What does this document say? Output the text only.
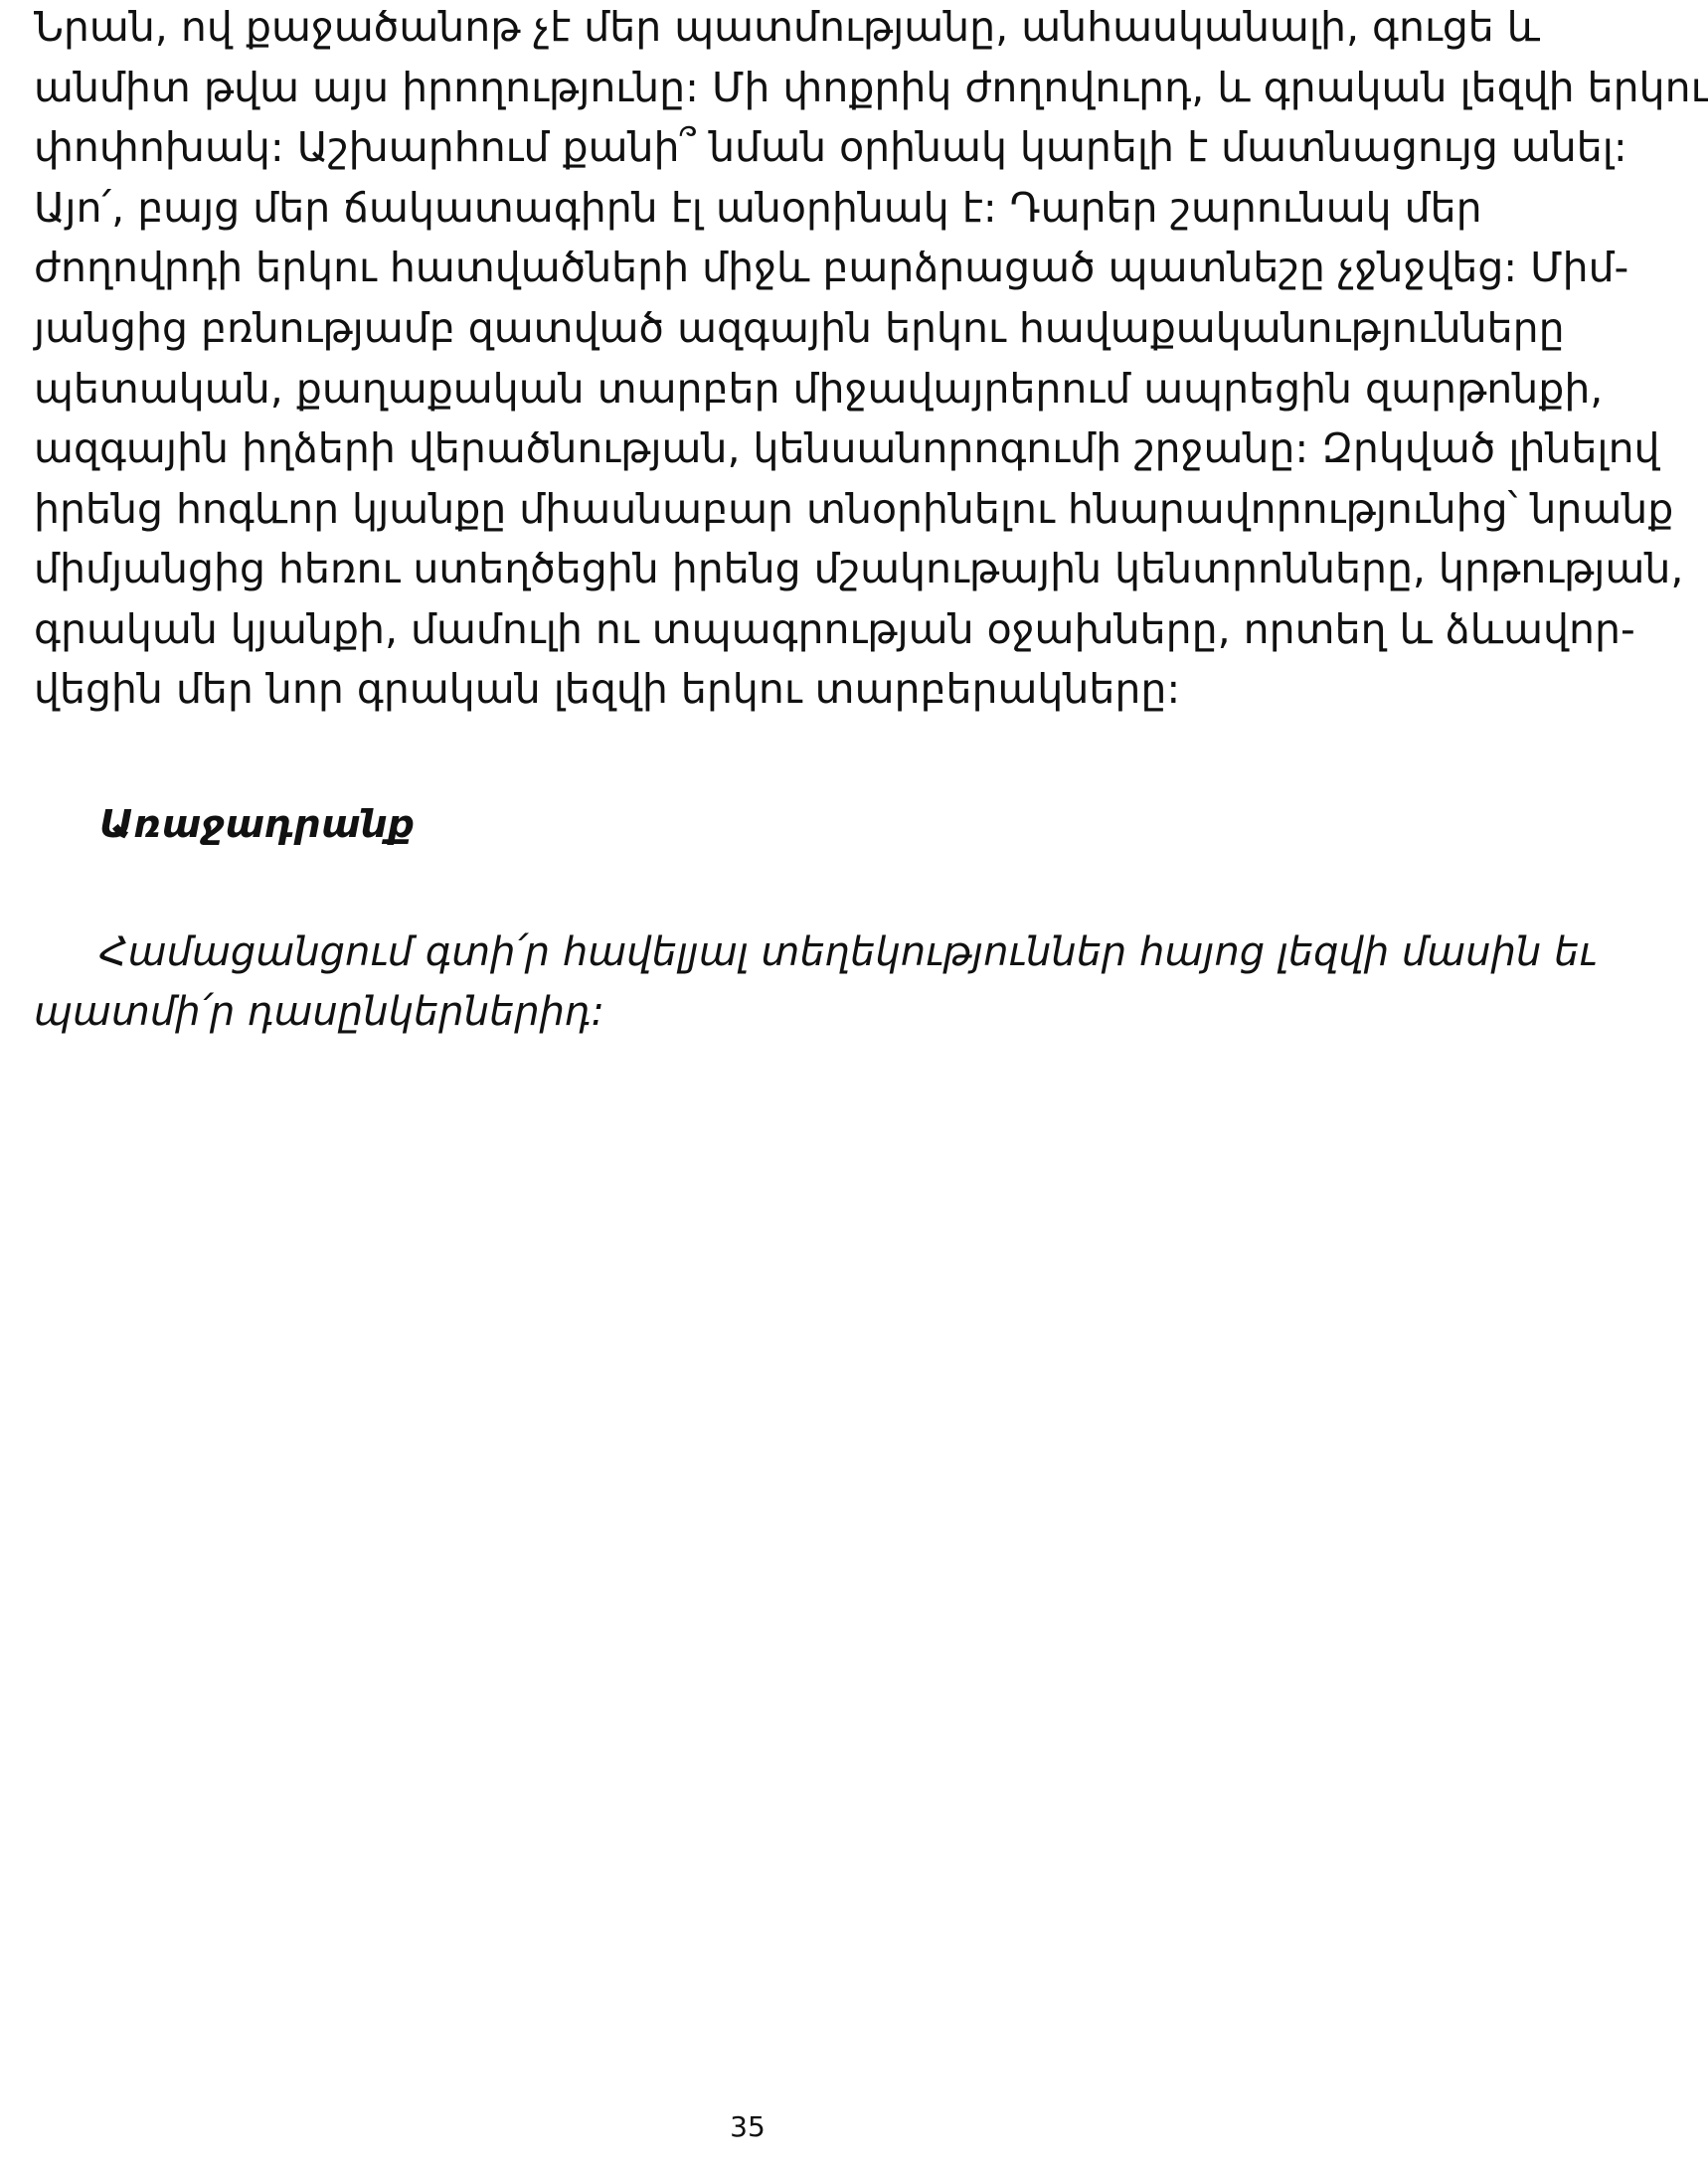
Նրան, ով քաջածանոթ չէ մեր պատմությանը, անհասկանալի, գուցե և
անմիտ թվա այս իրողությունը: Մի փոքրիկ ժողովուրդ, և գրական լեզվի երկու
փոփոխակ: Աշխարհում քանի՞ նման օրինակ կարելի է մատնացույց անել:
Այո՛, բայց մեր ճակատագիրն էլ անօրինակ է: Դարեր շարունակ մեր
ժողովրդի երկու հատվածների միջև բարձրացած պատնեշը չջնջվեց: Միմ-
յանցից բռնությամբ զատված ազգային երկու հավաքականությունները
պետական, քաղաքական տարբեր միջավայրերում ապրեցին զարթոնքի,
ազգային իղձերի վերածնության, կենսանորոգումի շրջանը: Զրկված լինելով
իրենց հոգևոր կյանքը միասնաբար տնօրինելու հնարավորությունից՝ նրանք
միմյանցից հեռու ստեղծեցին իրենց մշակութային կենտրոնները, կրթության,
գրական կյանքի, մամուլի ու տպագրության օջախները, որտեղ և ձևավոր-
վեցին մեր նոր գրական լեզվի երկու տարբերակները:
Առաջադրանք
Համացանցում գտի՛ր հավելյալ տեղեկություններ հայոց լեզվի մասին եւ
պատմի՛ր դասընկերներիդ:
35
